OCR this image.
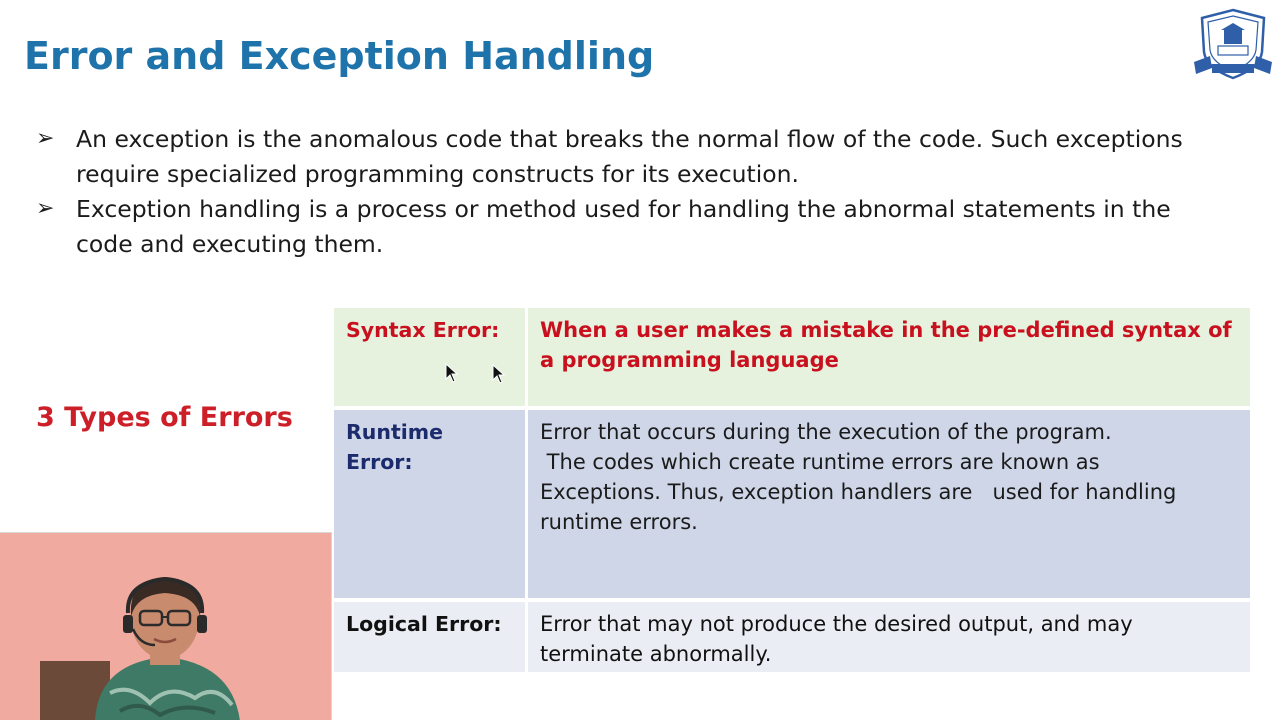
Error and Exception Handling
➢ An exception is the anomalous code that breaks the normal flow of the code. Such exceptions require specialized programming constructs for its execution.
➢ Exception handling is a process or method used for handling the abnormal statements in the code and executing them.
3 Types of Errors
Syntax Error:	When a user makes a mistake in the pre-defined syntax of a programming language
Runtime Error:
Error that occurs during the execution of the program.
The codes which create runtime errors are known as
Exceptions. Thus, exception handlers are   used for handling
runtime errors.
Logical Error:	Error that may not produce the desired output, and may terminate abnormally.
